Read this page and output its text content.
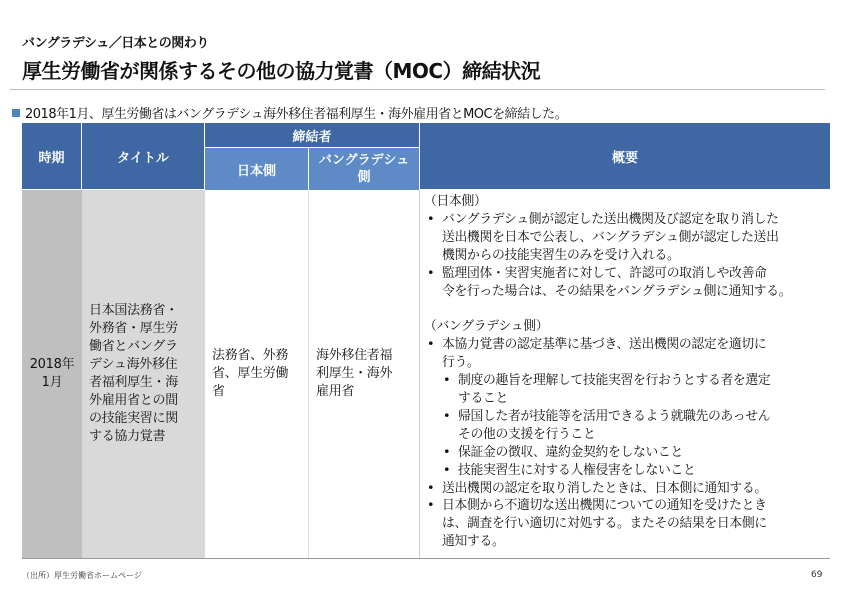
バングラデシュ／日本との関わり
厚生労働省が関係するその他の協力覚書（MOC）締結状況
2018年1月、厚生労働省はバングラデシュ海外移住者福利厚生・海外雇用省とMOCを締結した。
時期	タイトル
締結者
日本側
バングラデシュ
側
概要
2018年
1月
日本国法務省・
外務省・厚生労
働省とバングラ
デシュ海外移住
者福利厚生・海
外雇用省との間
の技能実習に関
する協力覚書
法務省、外務
省、厚生労働
省
海外移住者福
利厚生・海外
雇用省
（日本側）
• バングラデシュ側が認定した送出機関及び認定を取り消した
送出機関を日本で公表し、バングラデシュ側が認定した送出
機関からの技能実習生のみを受け入れる。
• 監理団体・実習実施者に対して、許認可の取消しや改善命
令を行った場合は、その結果をバングラデシュ側に通知する。

（バングラデシュ側）
• 本協力覚書の認定基準に基づき、送出機関の認定を適切に
行う。
• 制度の趣旨を理解して技能実習を行おうとする者を選定
すること
• 帰国した者が技能等を活用できるよう就職先のあっせん
その他の支援を行うこと
• 保証金の徴収、違約金契約をしないこと
• 技能実習生に対する人権侵害をしないこと
• 送出機関の認定を取り消したときは、日本側に通知する。
• 日本側から不適切な送出機関についての通知を受けたとき
は、調査を行い適切に対処する。またその結果を日本側に
通知する。
（出所）厚生労働省ホームページ	69
